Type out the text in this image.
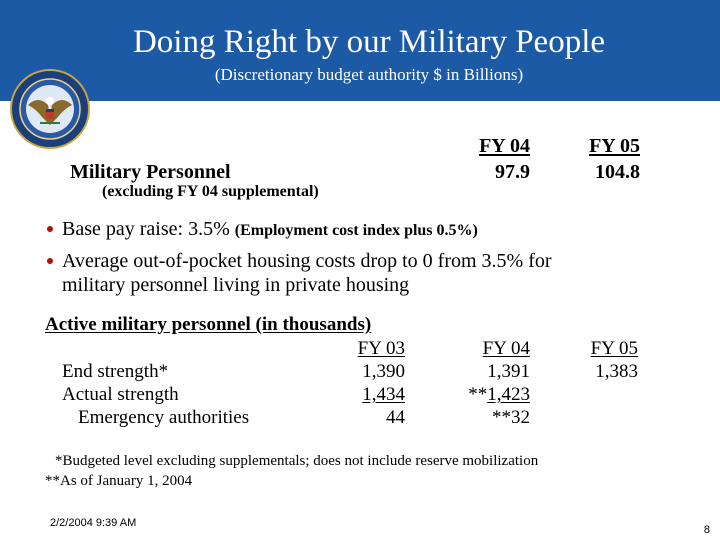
Doing Right by our Military People
(Discretionary budget authority $ in Billions)
FY 04	FY 05
Military Personnel	97.9	104.8
(excluding FY 04 supplemental)
Base pay raise: 3.5% (Employment cost index plus 0.5%)
Average out-of-pocket housing costs drop to 0 from 3.5% for
military personnel living in private housing
Active military personnel (in thousands)
FY 03	FY 04	FY 05
End strength*	1,390	1,391	1,383
Actual strength	1,434	**1,423
Emergency authorities	44	**32
*Budgeted level excluding supplementals; does not include reserve mobilization
**As of January 1, 2004
2/2/2004 9:39 AM
8
